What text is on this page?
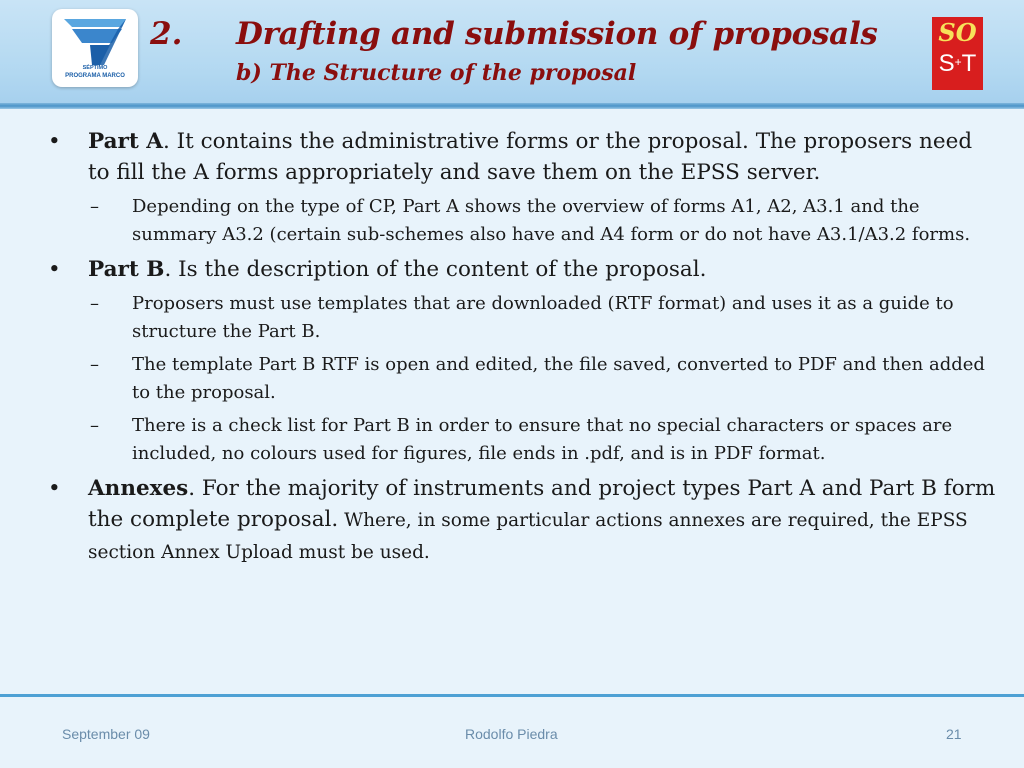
SÉPTIMO
PROGRAMA MARCO
2. Drafting and submission of proposals
b) The Structure of the proposal
SO
S+T
• Part A. It contains the administrative forms or the proposal. The proposers need to fill the A forms appropriately and save them on the EPSS server.
– Depending on the type of CP, Part A shows the overview of forms A1, A2, A3.1 and the summary A3.2 (certain sub-schemes also have and A4 form or do not have A3.1/A3.2 forms.
• Part B. Is the description of the content of the proposal.
– Proposers must use templates that are downloaded (RTF format) and uses it as a guide to structure the Part B.
– The template Part B RTF is open and edited, the file saved, converted to PDF and then added to the proposal.
– There is a check list for Part B in order to ensure that no special characters or spaces are included, no colours used for figures, file ends in .pdf, and is in PDF format.
• Annexes. For the majority of instruments and project types Part A and Part B form the complete proposal. Where, in some particular actions annexes are required, the EPSS section Annex Upload must be used.
September 09	Rodolfo Piedra	21
